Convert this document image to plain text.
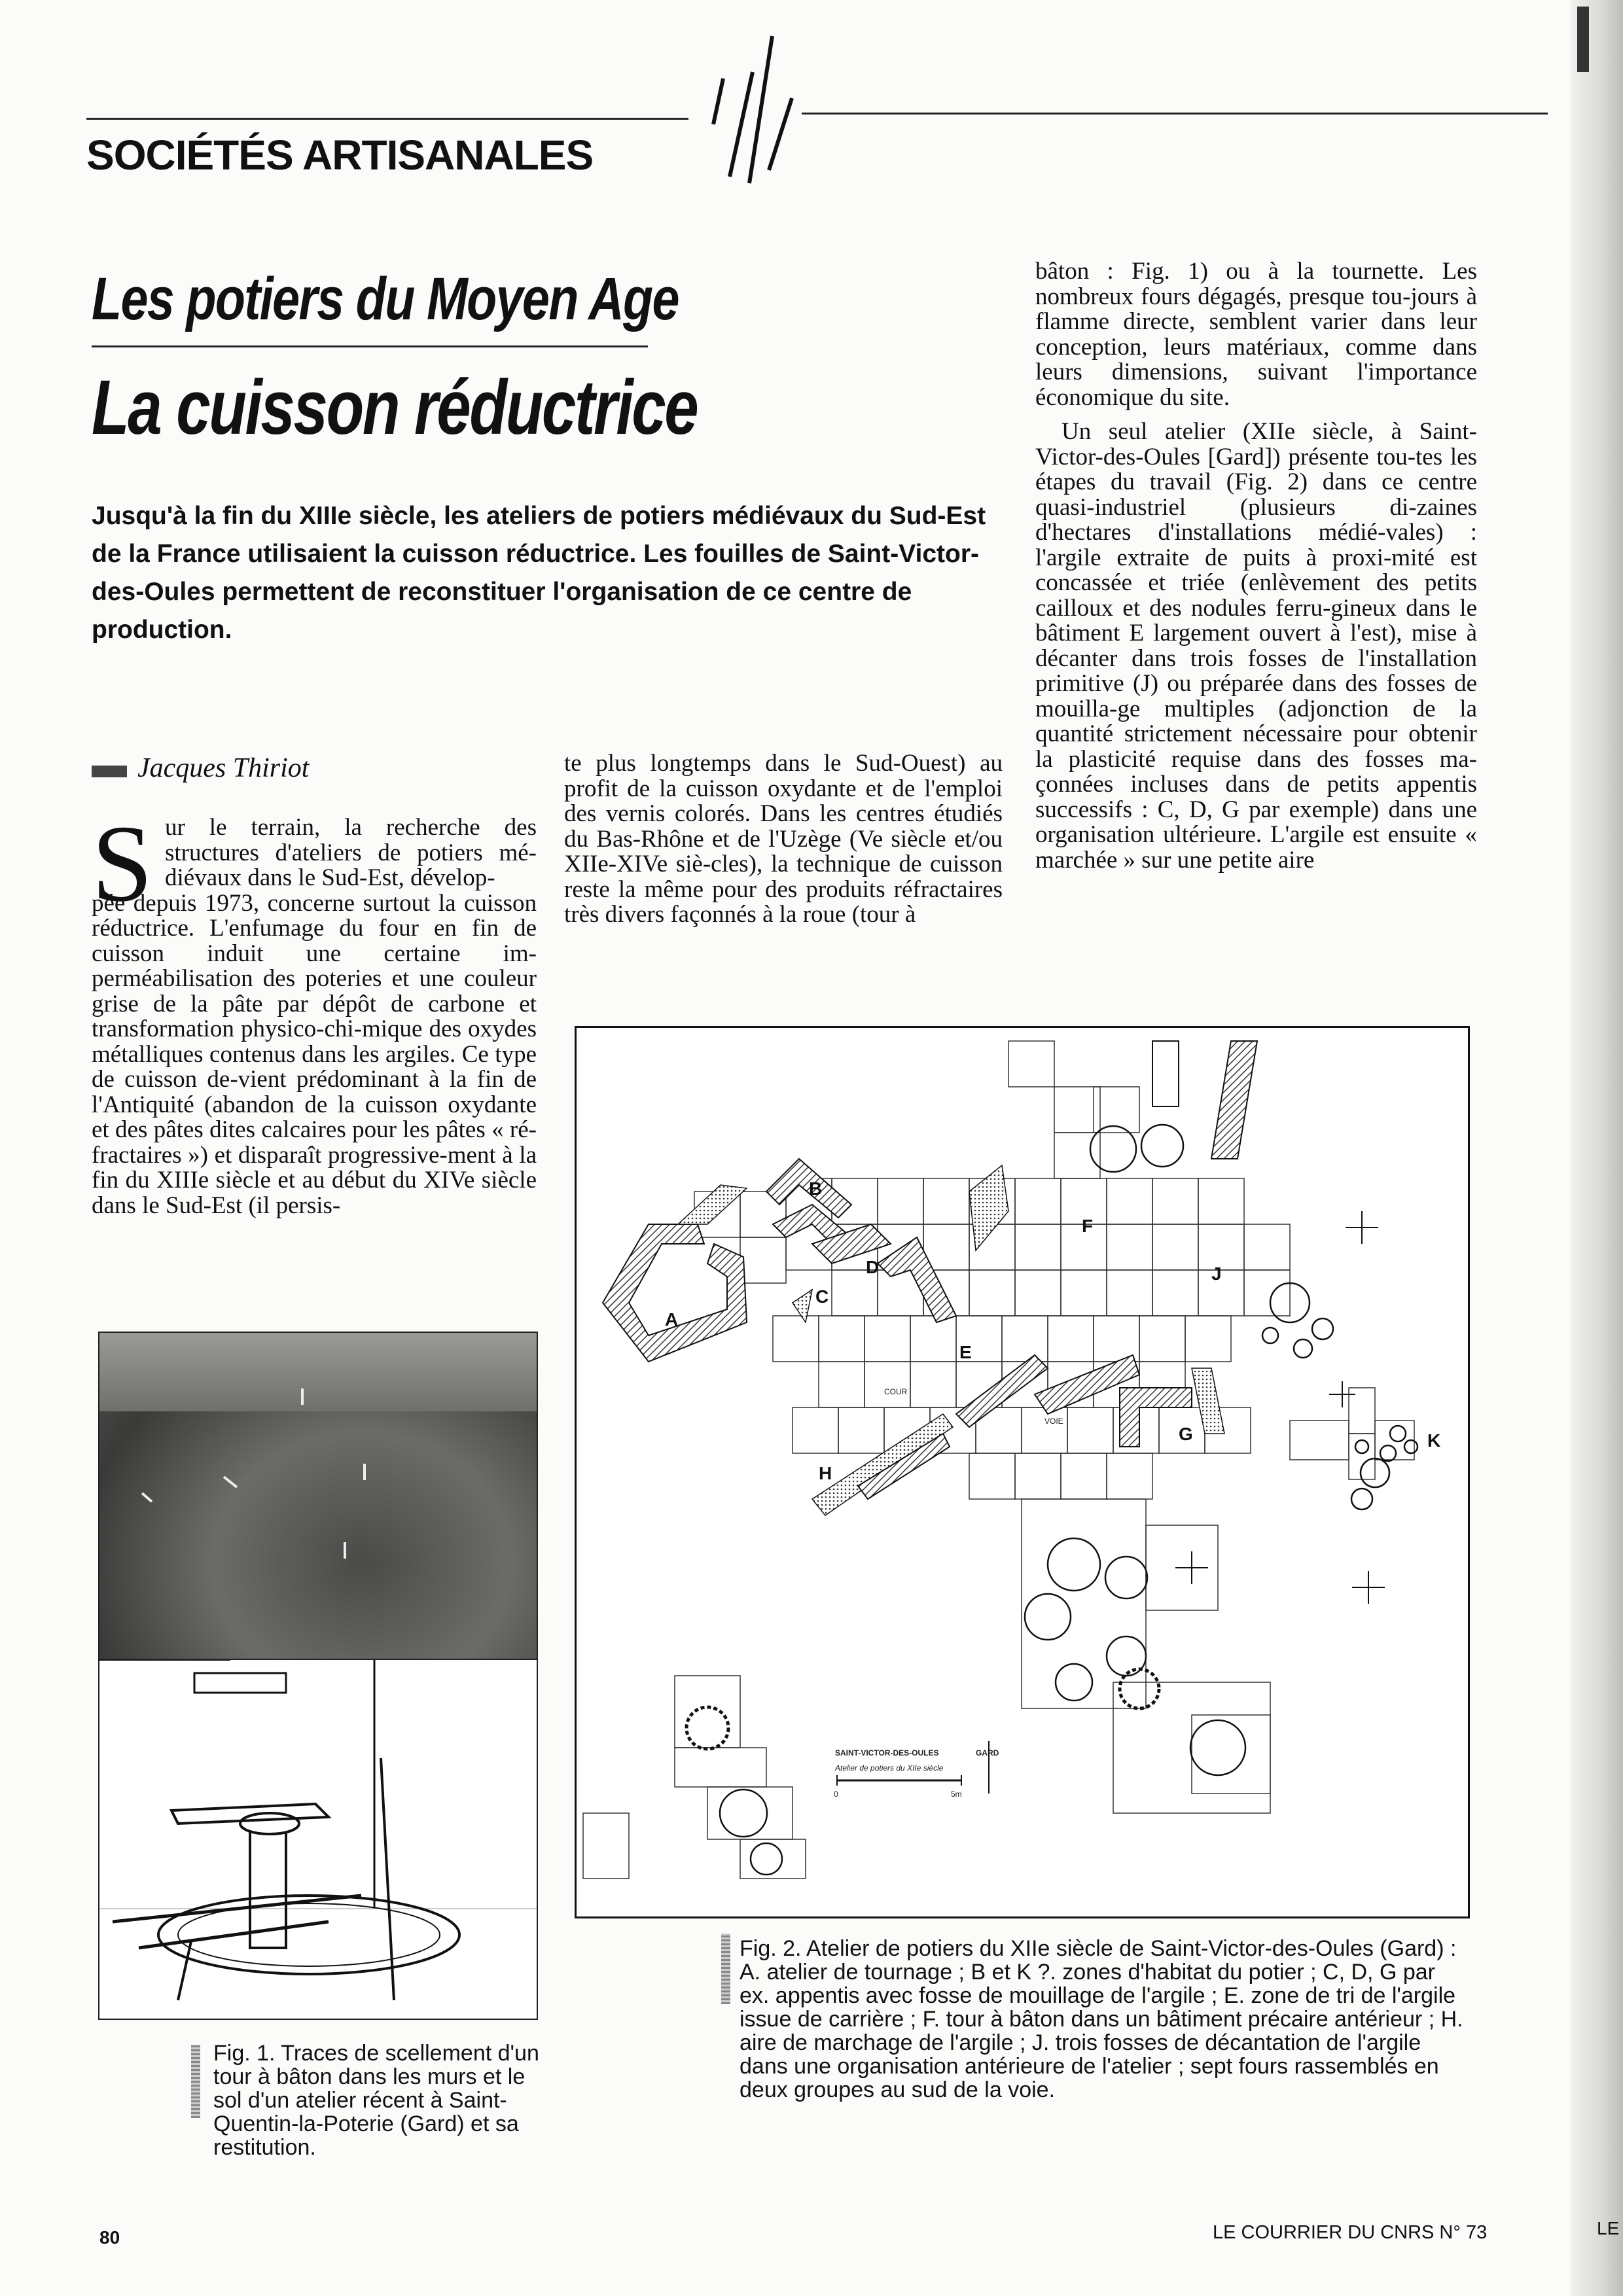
SOCIÉTÉS ARTISANALES
Les potiers du Moyen Age
La cuisson réductrice
Jusqu'à la fin du XIIIe siècle, les ateliers de potiers médiévaux du Sud-Est de la France utilisaient la cuisson réductrice. Les fouilles de Saint-Victor-des-Oules permettent de reconstituer l'organisation de ce centre de production.
Jacques Thiriot
S ur le terrain, la recherche des structures d'ateliers de potiers mé-diévaux dans le Sud-Est, dévelop-
pée depuis 1973, concerne surtout la cuisson réductrice. L'enfumage du four en fin de cuisson induit une certaine im-perméabilisation des poteries et une couleur grise de la pâte par dépôt de carbone et transformation physico-chi-mique des oxydes métalliques contenus dans les argiles. Ce type de cuisson de-vient prédominant à la fin de l'Antiquité (abandon de la cuisson oxydante et des pâtes dites calcaires pour les pâtes « ré-fractaires ») et disparaît progressive-ment à la fin du XIIIe siècle et au début du XIVe siècle dans le Sud-Est (il persis-
te plus longtemps dans le Sud-Ouest) au profit de la cuisson oxydante et de l'emploi des vernis colorés. Dans les centres étudiés du Bas-Rhône et de l'Uzège (Ve siècle et/ou XIIe-XIVe siè-cles), la technique de cuisson reste la même pour des produits réfractaires très divers façonnés à la roue (tour à
bâton : Fig. 1) ou à la tournette. Les nombreux fours dégagés, presque tou-jours à flamme directe, semblent varier dans leur conception, leurs matériaux, comme dans leurs dimensions, suivant l'importance économique du site.
Un seul atelier (XIIe siècle, à Saint-Victor-des-Oules [Gard]) présente tou-tes les étapes du travail (Fig. 2) dans ce centre quasi-industriel (plusieurs di-zaines d'hectares d'installations médié-vales) : l'argile extraite de puits à proxi-mité est concassée et triée (enlèvement des petits cailloux et des nodules ferru-gineux dans le bâtiment E largement ouvert à l'est), mise à décanter dans trois fosses de l'installation primitive (J) ou préparée dans des fosses de mouilla-ge multiples (adjonction de la quantité strictement nécessaire pour obtenir la plasticité requise dans des fosses ma-çonnées incluses dans de petits appentis successifs : C, D, G par exemple) dans une organisation ultérieure. L'argile est ensuite « marchée » sur une petite aire
Fig. 1. Traces de scellement d'un tour à bâton dans les murs et le sol d'un atelier récent à Saint-Quentin-la-Poterie (Gard) et sa restitution.
A
B
C
D
E
F
G
H
J
K
COUR
VOIE
SAINT-VICTOR-DES-OULES	GARD
Atelier de potiers du XIIe siècle
0	5m
Fig. 2. Atelier de potiers du XIIe siècle de Saint-Victor-des-Oules (Gard) : A. atelier de tournage ; B et K ?. zones d'habitat du potier ; C, D, G par ex. appentis avec fosse de mouillage de l'argile ; E. zone de tri de l'argile issue de carrière ; F. tour à bâton dans un bâtiment précaire antérieur ; H. aire de marchage de l'argile ; J. trois fosses de décantation de l'argile dans une organisation antérieure de l'atelier ; sept fours rassemblés en deux groupes au sud de la voie.
80	LE COURRIER DU CNRS N° 73	LE
